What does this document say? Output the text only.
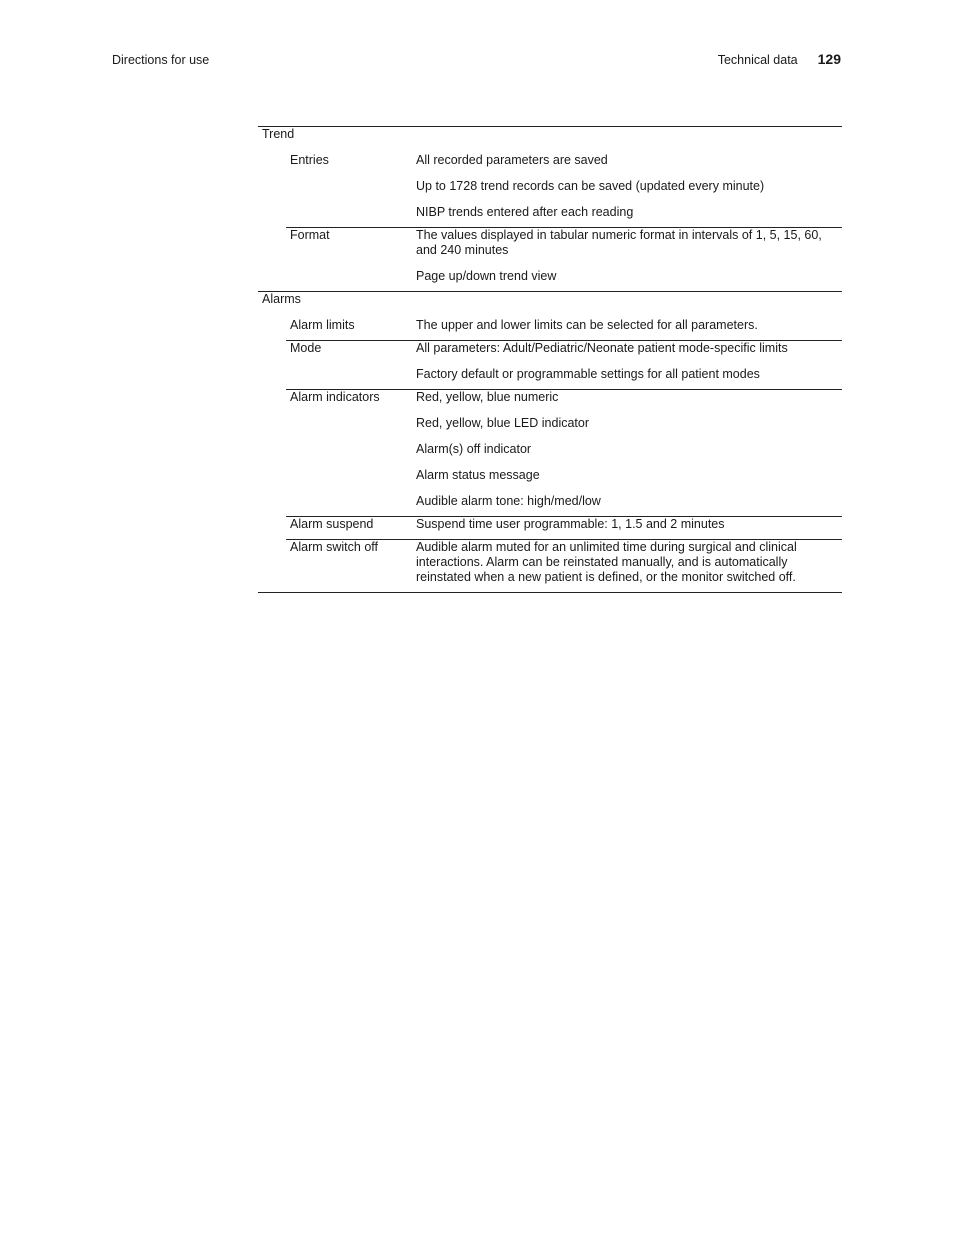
Directions for use	Technical data 129
Trend
Entries	All recorded parameters are saved
Up to 1728 trend records can be saved (updated every minute)
NIBP trends entered after each reading
Format	The values displayed in tabular numeric format in intervals of 1, 5, 15, 60, and 240 minutes
Page up/down trend view
Alarms
Alarm limits	The upper and lower limits can be selected for all parameters.
Mode	All parameters: Adult/Pediatric/Neonate patient mode-specific limits
Factory default or programmable settings for all patient modes
Alarm indicators	Red, yellow, blue numeric
Red, yellow, blue LED indicator
Alarm(s) off indicator
Alarm status message
Audible alarm tone: high/med/low
Alarm suspend	Suspend time user programmable: 1, 1.5 and 2 minutes
Alarm switch off	Audible alarm muted for an unlimited time during surgical and clinical interactions. Alarm can be reinstated manually, and is automatically reinstated when a new patient is defined, or the monitor switched off.
